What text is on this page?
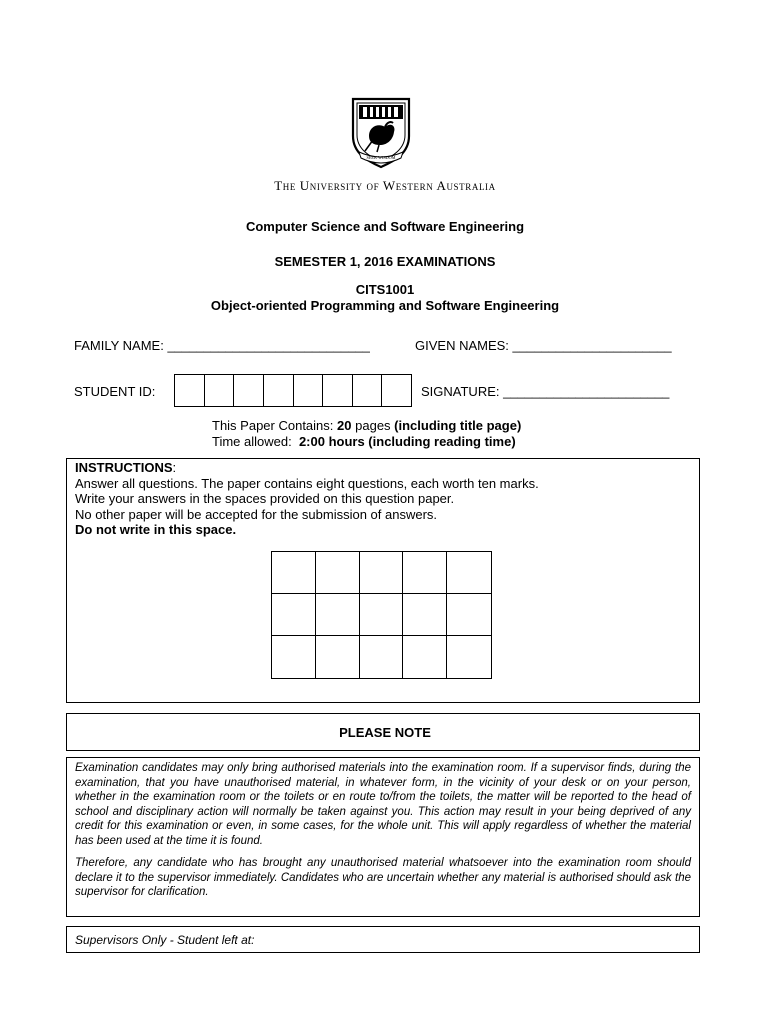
SEEK WISDOM
The University of Western Australia
Computer Science and Software Engineering
SEMESTER 1, 2016 EXAMINATIONS
CITS1001
Object-oriented Programming and Software Engineering
FAMILY NAME: ____________________________	GIVEN NAMES: ______________________
STUDENT ID:	SIGNATURE: _______________________
This Paper Contains: 20 pages (including title page)
Time allowed: 2:00 hours (including reading time)
INSTRUCTIONS:
Answer all questions. The paper contains eight questions, each worth ten marks.
Write your answers in the spaces provided on this question paper.
No other paper will be accepted for the submission of answers.
Do not write in this space.
PLEASE NOTE

Examination candidates may only bring authorised materials into the examination room. If a supervisor finds, during the examination, that you have unauthorised material, in whatever form, in the vicinity of your desk or on your person, whether in the examination room or the toilets or en route to/from the toilets, the matter will be reported to the head of school and disciplinary action will normally be taken against you. This action may result in your being deprived of any credit for this examination or even, in some cases, for the whole unit. This will apply regardless of whether the material has been used at the time it is found.

Therefore, any candidate who has brought any unauthorised material whatsoever into the examination room should declare it to the supervisor immediately. Candidates who are uncertain whether any material is authorised should ask the supervisor for clarification.

Supervisors Only - Student left at:
